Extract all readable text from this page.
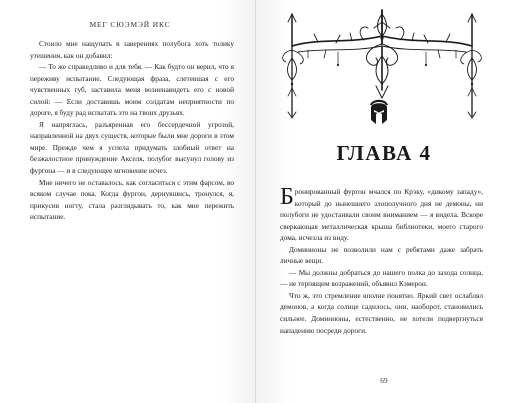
МЕГ СЮЭМЭЙ ИКС

Стоило мне нащупать в заверениях полубога хоть толику утешения, как он добавил:

— То же справедливо и для тебя. — Как будто он верил, что я переживу испытание. Следующая фраза, слетевшая с его чувственных губ, заставила меня возненавидеть его с новой силой: — Если доставишь моим солдатам неприятности по дороге, я буду рад испытать это на твоих друзьях.

Я напряглась, разъяренная его бессердечной угрозой, направленной на двух существ, которые были мне дороги в этом мире. Прежде чем я успела придумать злобный ответ на безжалостное принуждение Акселя, полубог высунул голову из фургона — и в следующее мгновение исчез.

Мне ничего не оставалось, как согласиться с этим фарсом, во всяком случае пока. Когда фургон, дернувшись, тронулся, я, прикусив ногту, стала разглядывать то, как мне пережить испытание.

ГЛАВА 4

Бронированный фургон мчался по Крэку, «дикому западу», который до нынешнего злополучного дня не демоны, ни полубоги не удостаивали своим вниманием — я видела. Вскоре сверкающая металлическая крыша библиотеки, моего старого дома, исчезла из виду.

Доминионы не позволили нам с ребятами даже забрать личные вещи.

— Мы должны добраться до нашего полка до захода солнца, — не терпящим возражений, объявил Кэмерон.

Что ж, это стремление вполне понятно. Яркий свет ослаблял демонов, а когда солнце садилось, они, наоборот, становились сильнее. Доминионы, естественно, не хотели подвергнуться нападению посреди дороги.

69
